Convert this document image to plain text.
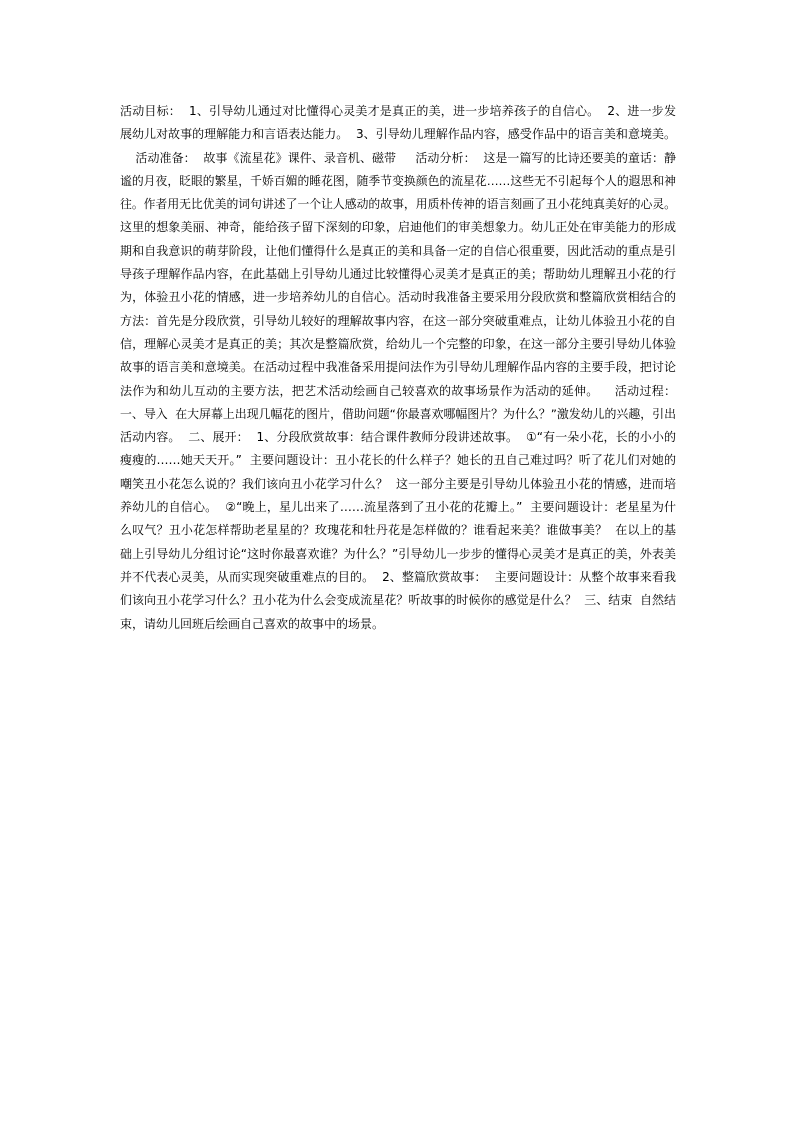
活动目标：  1、引导幼儿通过对比懂得心灵美才是真正的美，进一步培养孩子的自信心。  2、进一步发
展幼儿对故事的理解能力和言语表达能力。  3、引导幼儿理解作品内容，感受作品中的语言美和意境美。
活动准备：  故事《流星花》课件、录音机、磁带     活动分析：  这是一篇写的比诗还要美的童话：静
谧的月夜，眨眼的繁星，千娇百媚的睡花图，随季节变换颜色的流星花……这些无不引起每个人的遐思和神
往。作者用无比优美的词句讲述了一个让人感动的故事，用质朴传神的语言刻画了丑小花纯真美好的心灵。
这里的想象美丽、神奇，能给孩子留下深刻的印象，启迪他们的审美想象力。幼儿正处在审美能力的形成
期和自我意识的萌芽阶段，让他们懂得什么是真正的美和具备一定的自信心很重要，因此活动的重点是引
导孩子理解作品内容，在此基础上引导幼儿通过比较懂得心灵美才是真正的美；帮助幼儿理解丑小花的行
为，体验丑小花的情感，进一步培养幼儿的自信心。活动时我准备主要采用分段欣赏和整篇欣赏相结合的
方法：首先是分段欣赏，引导幼儿较好的理解故事内容，在这一部分突破重难点，让幼儿体验丑小花的自
信，理解心灵美才是真正的美；其次是整篇欣赏，给幼儿一个完整的印象，在这一部分主要引导幼儿体验
故事的语言美和意境美。在活动过程中我准备采用提问法作为引导幼儿理解作品内容的主要手段，把讨论
法作为和幼儿互动的主要方法，把艺术活动绘画自己较喜欢的故事场景作为活动的延伸。    活动过程：
一、导入  在大屏幕上出现几幅花的图片，借助问题“你最喜欢哪幅图片？为什么？”激发幼儿的兴趣，引出
活动内容。  二、展开：  1、分段欣赏故事：结合课件教师分段讲述故事。  ①“有一朵小花，长的小小的
瘦瘦的……她天天开。”  主要问题设计：丑小花长的什么样子？她长的丑自己难过吗？听了花儿们对她的
嘲笑丑小花怎么说的？我们该向丑小花学习什么？  这一部分主要是引导幼儿体验丑小花的情感，进而培
养幼儿的自信心。  ②“晚上，星儿出来了……流星落到了丑小花的花瓣上。”  主要问题设计：老星星为什
么叹气？丑小花怎样帮助老星星的？玫瑰花和牡丹花是怎样做的？谁看起来美？谁做事美？  在以上的基
础上引导幼儿分组讨论“这时你最喜欢谁？为什么？”引导幼儿一步步的懂得心灵美才是真正的美，外表美
并不代表心灵美，从而实现突破重难点的目的。  2、整篇欣赏故事：  主要问题设计：从整个故事来看我
们该向丑小花学习什么？丑小花为什么会变成流星花？听故事的时候你的感觉是什么？  三、结束  自然结
束，请幼儿回班后绘画自己喜欢的故事中的场景。
